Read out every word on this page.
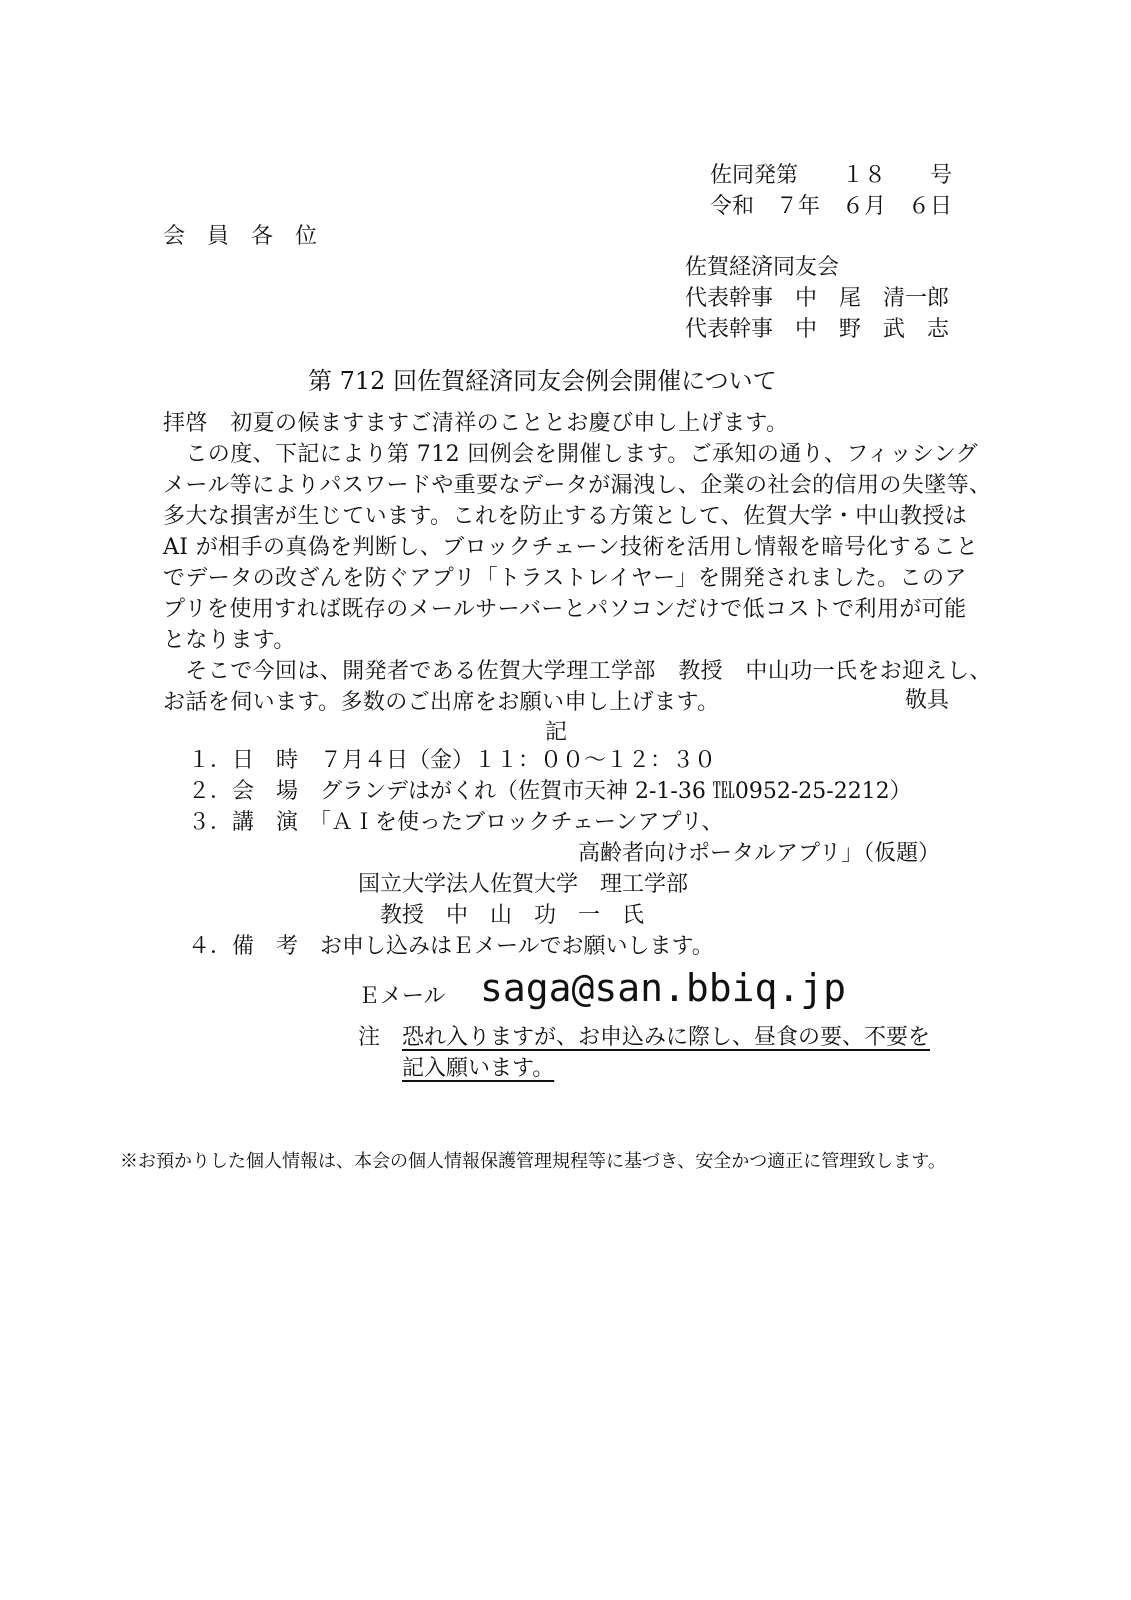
佐同発第　　１８　　号
令和　７年　６月　６日
会　員　各　位
佐賀経済同友会
代表幹事　中　尾　清一郎
代表幹事　中　野　武　志
第 712 回佐賀経済同友会例会開催について
拝啓　初夏の候ますますご清祥のこととお慶び申し上げます。
　この度、下記により第 712 回例会を開催します。ご承知の通り、フィッシング
メール等によりパスワードや重要なデータが漏洩し、企業の社会的信用の失墜等、
多大な損害が生じています。これを防止する方策として、佐賀大学・中山教授は
AI が相手の真偽を判断し、ブロックチェーン技術を活用し情報を暗号化すること
でデータの改ざんを防ぐアプリ「トラストレイヤー」を開発されました。このア
プリを使用すれば既存のメールサーバーとパソコンだけで低コストで利用が可能
となります。
　そこで今回は、開発者である佐賀大学理工学部　教授　中山功一氏をお迎えし、
お話を伺います。多数のご出席をお願い申し上げます。	敬具
記
１．日　時　７月４日（金）１１：００～１２：３０
２．会　場　グランデはがくれ（佐賀市天神 2-1-36 ℡0952-25-2212）
３．講　演　「ＡＩを使ったブロックチェーンアプリ、
高齢者向けポータルアプリ」（仮題）
国立大学法人佐賀大学　理工学部
教授　中　山　功　一　氏
４．備　考　お申し込みはＥメールでお願いします。
Ｅメール saga@san.bbiq.jp
注 恐れ入りますが、お申込みに際し、昼食の要、不要を
記入願います。
※お預かりした個人情報は、本会の個人情報保護管理規程等に基づき、安全かつ適正に管理致します。
